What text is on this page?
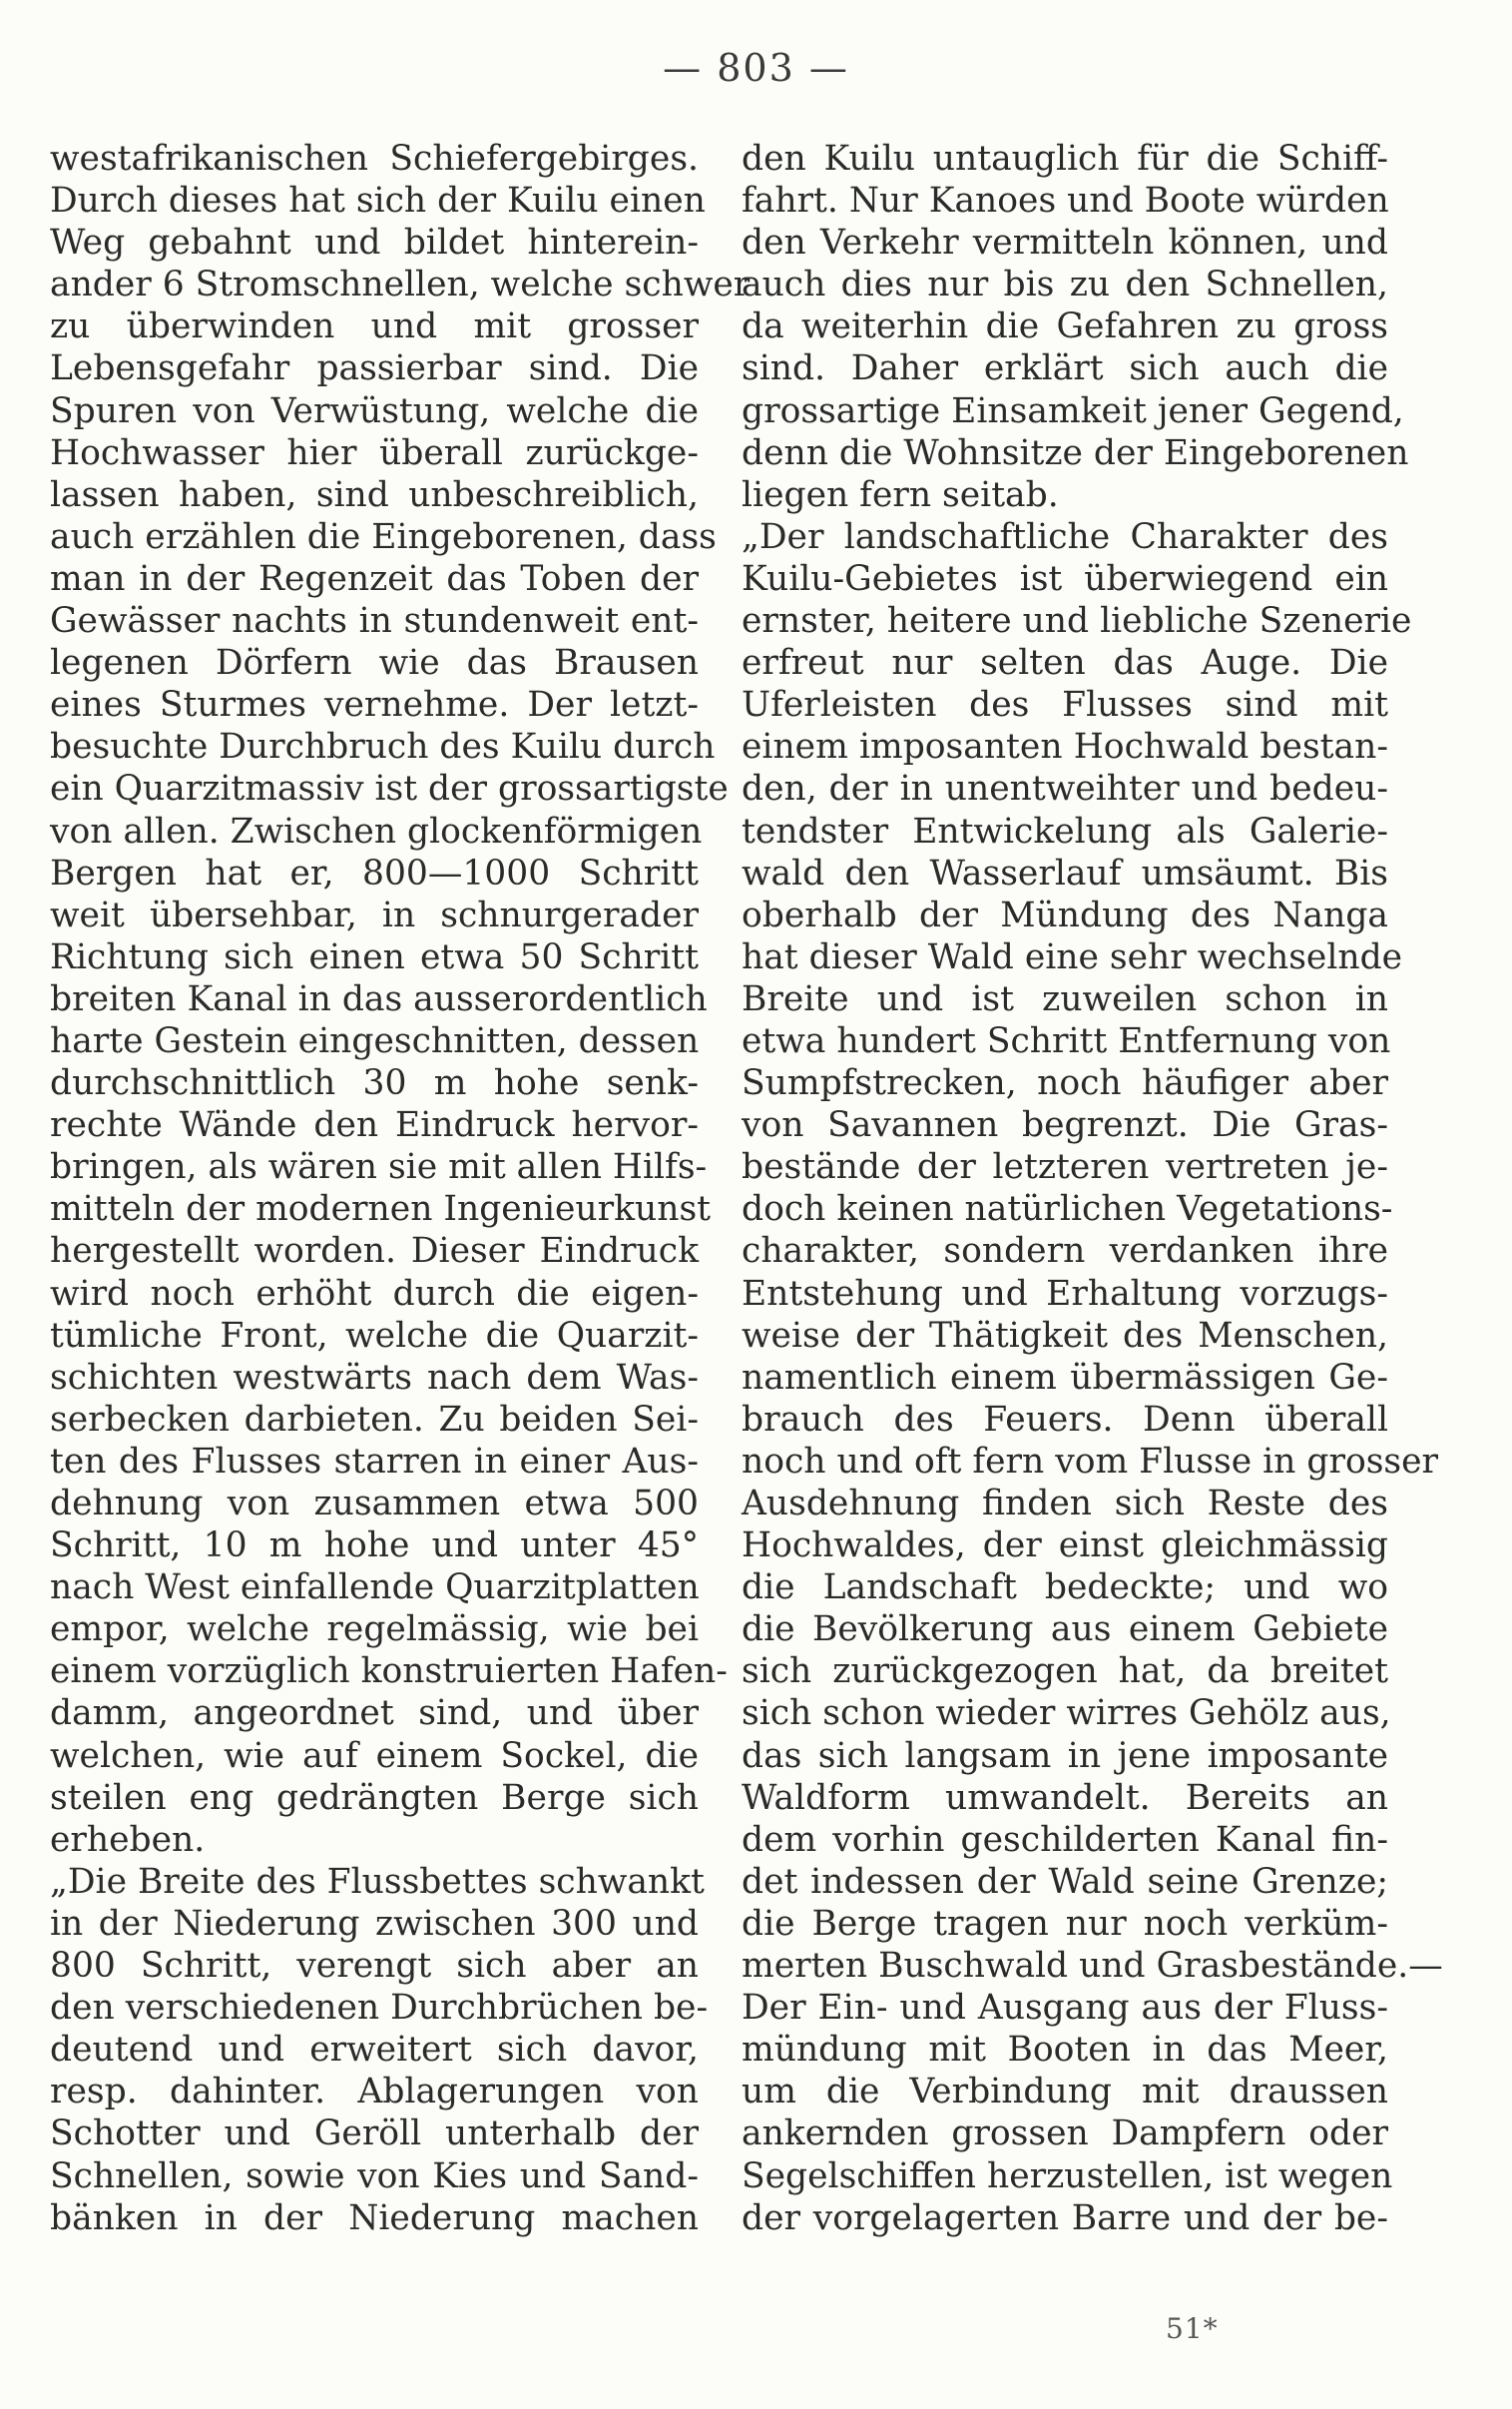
— 803 —
westafrikanischen Schiefergebirges.
Durch dieses hat sich der Kuilu einen
Weg gebahnt und bildet hinterein-
ander 6 Stromschnellen, welche schwer
zu überwinden und mit grosser
Lebensgefahr passierbar sind. Die
Spuren von Verwüstung, welche die
Hochwasser hier überall zurückge-
lassen haben, sind unbeschreiblich,
auch erzählen die Eingeborenen, dass
man in der Regenzeit das Toben der
Gewässer nachts in stundenweit ent-
legenen Dörfern wie das Brausen
eines Sturmes vernehme. Der letzt-
besuchte Durchbruch des Kuilu durch
ein Quarzitmassiv ist der grossartigste
von allen. Zwischen glockenförmigen
Bergen hat er, 800—1000 Schritt
weit übersehbar, in schnurgerader
Richtung sich einen etwa 50 Schritt
breiten Kanal in das ausserordentlich
harte Gestein eingeschnitten, dessen
durchschnittlich 30 m hohe senk-
rechte Wände den Eindruck hervor-
bringen, als wären sie mit allen Hilfs-
mitteln der modernen Ingenieurkunst
hergestellt worden. Dieser Eindruck
wird noch erhöht durch die eigen-
tümliche Front, welche die Quarzit-
schichten westwärts nach dem Was-
serbecken darbieten. Zu beiden Sei-
ten des Flusses starren in einer Aus-
dehnung von zusammen etwa 500
Schritt, 10 m hohe und unter 45°
nach West einfallende Quarzitplatten
empor, welche regelmässig, wie bei
einem vorzüglich konstruierten Hafen-
damm, angeordnet sind, und über
welchen, wie auf einem Sockel, die
steilen eng gedrängten Berge sich
erheben.
„Die Breite des Flussbettes schwankt
in der Niederung zwischen 300 und
800 Schritt, verengt sich aber an
den verschiedenen Durchbrüchen be-
deutend und erweitert sich davor,
resp. dahinter. Ablagerungen von
Schotter und Geröll unterhalb der
Schnellen, sowie von Kies und Sand-
bänken in der Niederung machen
den Kuilu untauglich für die Schiff-
fahrt. Nur Kanoes und Boote würden
den Verkehr vermitteln können, und
auch dies nur bis zu den Schnellen,
da weiterhin die Gefahren zu gross
sind. Daher erklärt sich auch die
grossartige Einsamkeit jener Gegend,
denn die Wohnsitze der Eingeborenen
liegen fern seitab.
„Der landschaftliche Charakter des
Kuilu-Gebietes ist überwiegend ein
ernster, heitere und liebliche Szenerie
erfreut nur selten das Auge. Die
Uferleisten des Flusses sind mit
einem imposanten Hochwald bestan-
den, der in unentweihter und bedeu-
tendster Entwickelung als Galerie-
wald den Wasserlauf umsäumt. Bis
oberhalb der Mündung des Nanga
hat dieser Wald eine sehr wechselnde
Breite und ist zuweilen schon in
etwa hundert Schritt Entfernung von
Sumpfstrecken, noch häufiger aber
von Savannen begrenzt. Die Gras-
bestände der letzteren vertreten je-
doch keinen natürlichen Vegetations-
charakter, sondern verdanken ihre
Entstehung und Erhaltung vorzugs-
weise der Thätigkeit des Menschen,
namentlich einem übermässigen Ge-
brauch des Feuers. Denn überall
noch und oft fern vom Flusse in grosser
Ausdehnung finden sich Reste des
Hochwaldes, der einst gleichmässig
die Landschaft bedeckte; und wo
die Bevölkerung aus einem Gebiete
sich zurückgezogen hat, da breitet
sich schon wieder wirres Gehölz aus,
das sich langsam in jene imposante
Waldform umwandelt. Bereits an
dem vorhin geschilderten Kanal fin-
det indessen der Wald seine Grenze;
die Berge tragen nur noch verküm-
merten Buschwald und Grasbestände.—
Der Ein- und Ausgang aus der Fluss-
mündung mit Booten in das Meer,
um die Verbindung mit draussen
ankernden grossen Dampfern oder
Segelschiffen herzustellen, ist wegen
der vorgelagerten Barre und der be-
51*
